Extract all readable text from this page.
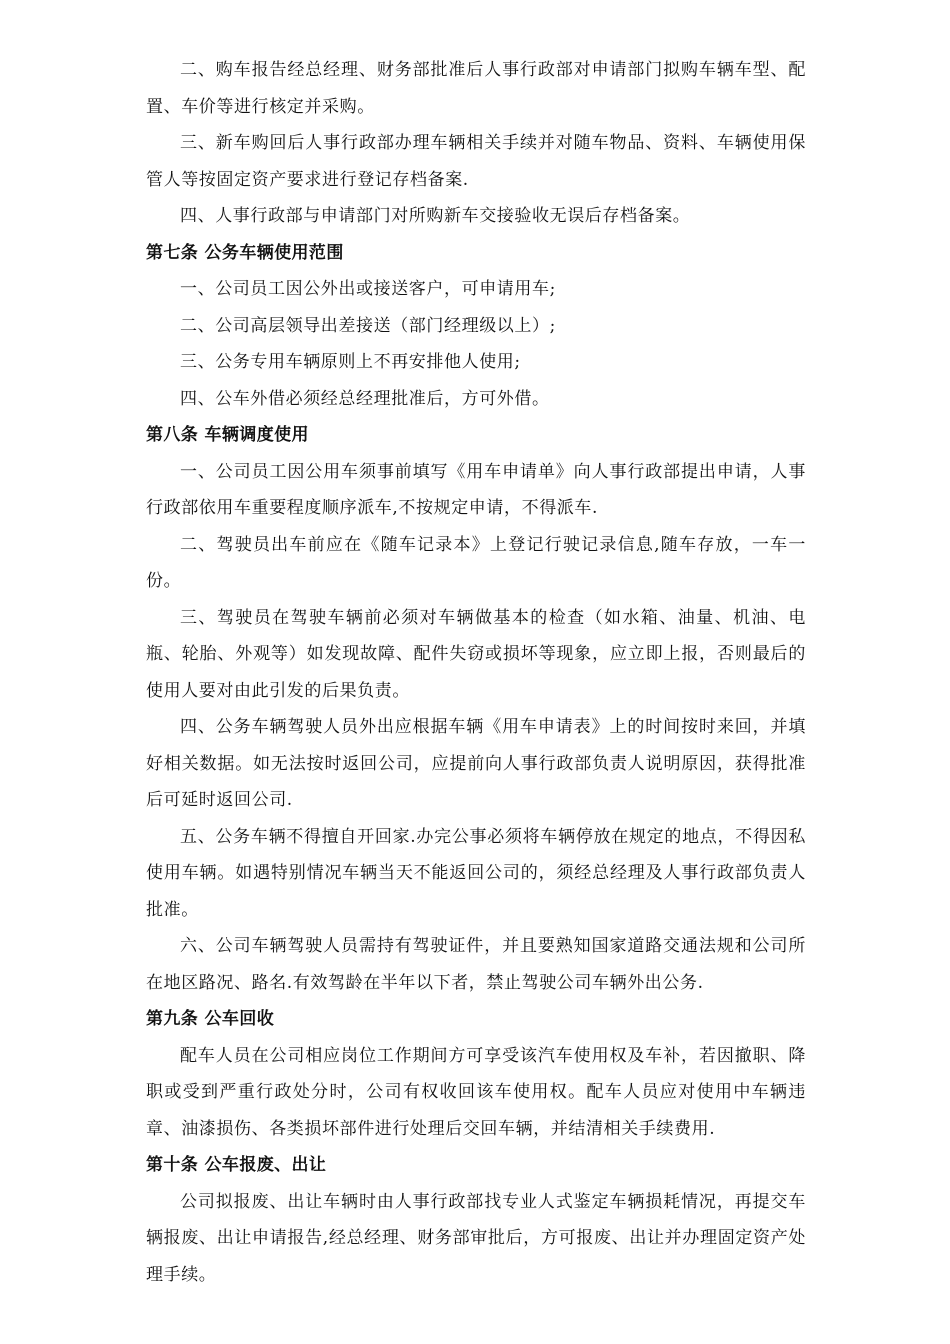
二、购车报告经总经理、财务部批准后人事行政部对申请部门拟购车辆车型、配置、车价等进行核定并采购。

三、新车购回后人事行政部办理车辆相关手续并对随车物品、资料、车辆使用保管人等按固定资产要求进行登记存档备案.

四、人事行政部与申请部门对所购新车交接验收无误后存档备案。

第七条 公务车辆使用范围

一、公司员工因公外出或接送客户，可申请用车;

二、公司高层领导出差接送（部门经理级以上）;

三、公务专用车辆原则上不再安排他人使用;

四、公车外借必须经总经理批准后，方可外借。

第八条 车辆调度使用

一、公司员工因公用车须事前填写《用车申请单》向人事行政部提出申请，人事行政部依用车重要程度顺序派车,不按规定申请，不得派车.

二、驾驶员出车前应在《随车记录本》上登记行驶记录信息,随车存放，一车一份。

三、驾驶员在驾驶车辆前必须对车辆做基本的检查（如水箱、油量、机油、电瓶、轮胎、外观等）如发现故障、配件失窃或损坏等现象，应立即上报，否则最后的使用人要对由此引发的后果负责。

四、公务车辆驾驶人员外出应根据车辆《用车申请表》上的时间按时来回，并填好相关数据。如无法按时返回公司，应提前向人事行政部负责人说明原因，获得批准后可延时返回公司.

五、公务车辆不得擅自开回家.办完公事必须将车辆停放在规定的地点，不得因私使用车辆。如遇特别情况车辆当天不能返回公司的，须经总经理及人事行政部负责人批准。

六、公司车辆驾驶人员需持有驾驶证件，并且要熟知国家道路交通法规和公司所在地区路况、路名.有效驾龄在半年以下者，禁止驾驶公司车辆外出公务.

第九条 公车回收

配车人员在公司相应岗位工作期间方可享受该汽车使用权及车补，若因撤职、降职或受到严重行政处分时，公司有权收回该车使用权。配车人员应对使用中车辆违章、油漆损伤、各类损坏部件进行处理后交回车辆，并结清相关手续费用.

第十条 公车报废、出让

公司拟报废、出让车辆时由人事行政部找专业人式鉴定车辆损耗情况，再提交车辆报废、出让申请报告,经总经理、财务部审批后，方可报废、出让并办理固定资产处理手续。
